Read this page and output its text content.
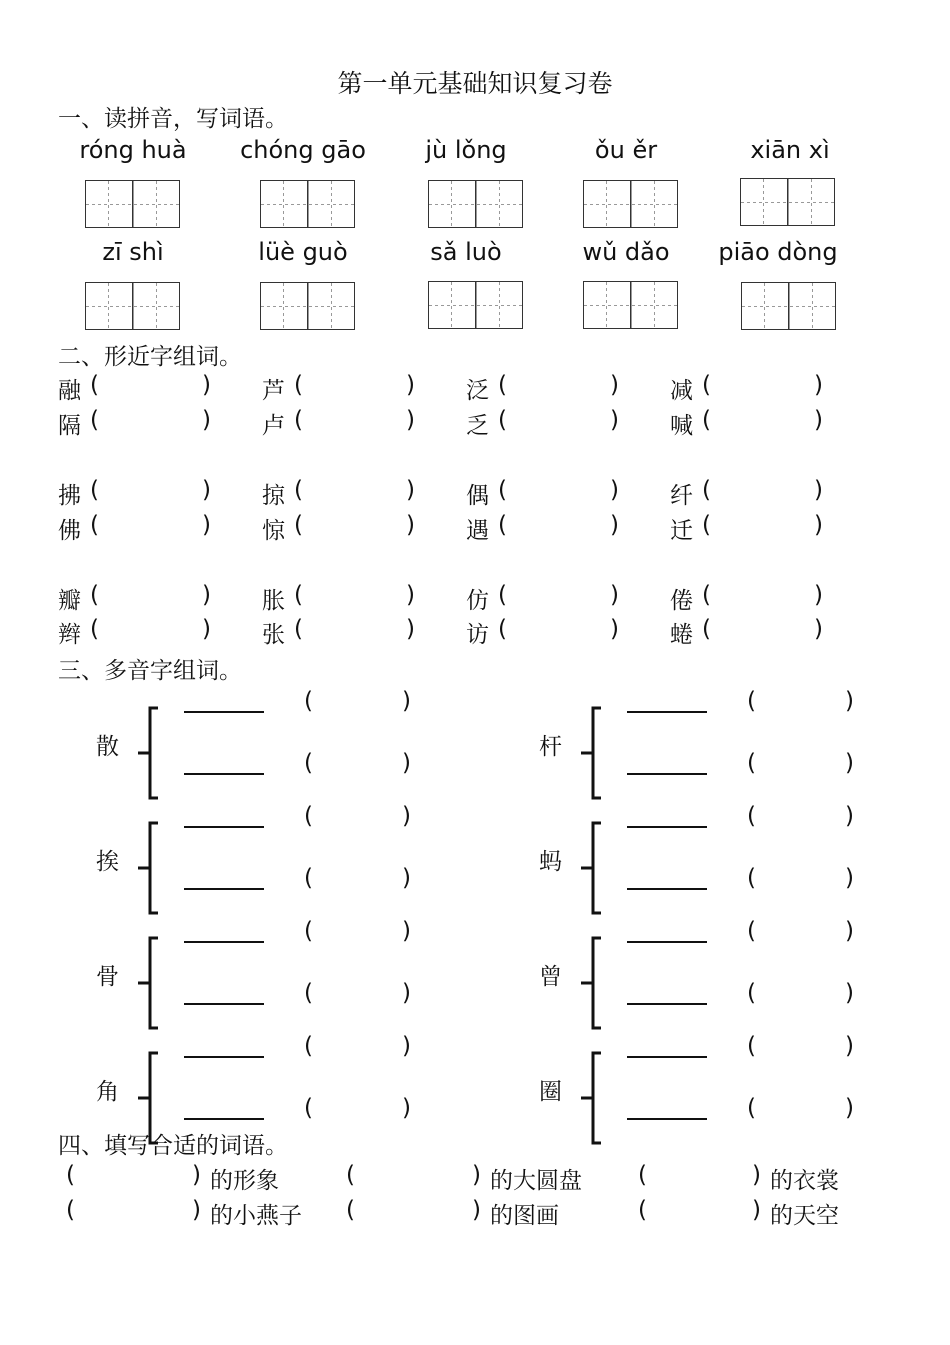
第一单元基础知识复习卷
一、读拼音，写词语。
róng huà	chóng gāo	jù lǒng	ǒu ěr	xiān xì
zī shì	lüè guò	sǎ luò	wǔ dǎo	piāo dòng
二、形近字组词。
融 (	) 芦 (	) 泛 (	) 减 (	)
隔 (	) 卢 (	) 乏 (	) 喊 (	)
拂 (	) 掠 (	) 偶 (	) 纤 (	)
佛 (	) 惊 (	) 遇 (	) 迁 (	)
瓣 (	) 胀 (	) 仿 (	) 倦 (	)
辫 (	) 张 (	) 访 (	) 蜷 (	)
三、多音字组词。
散
(	)
(	)
挨
(	)
(	)
骨
(	)
(	)
角
(	)
(	)
杆
(	)
(	)
蚂
(	)
(	)
曾
(	)
(	)
圈
(	)
(	)
四、填写合适的词语。
(	) 的形象	(	) 的大圆盘 (	) 的衣裳
(	) 的小燕子 (	) 的图画	(	) 的天空
